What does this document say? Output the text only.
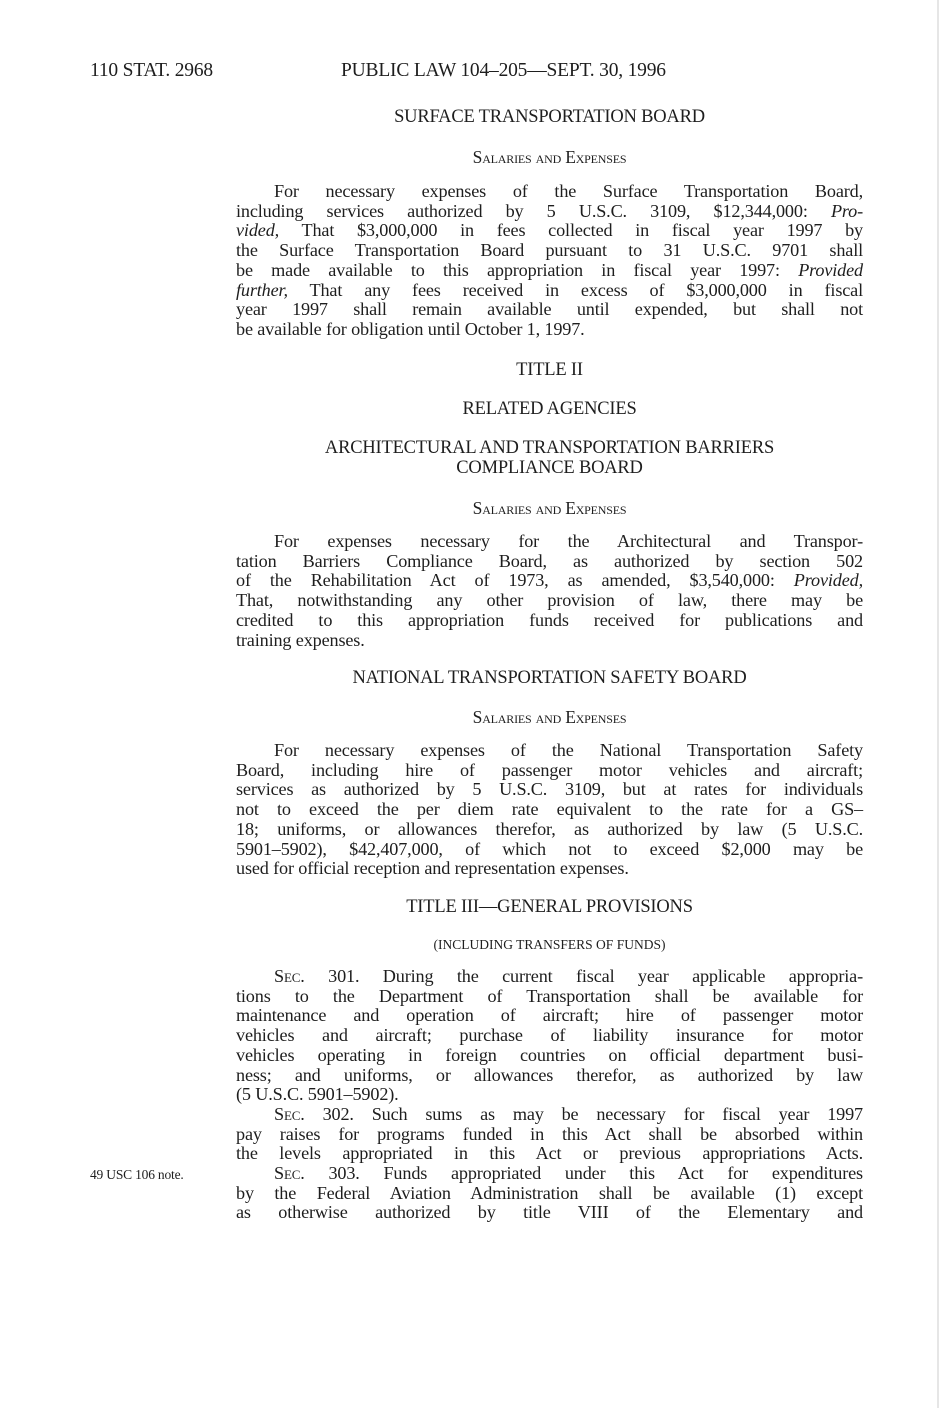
110 STAT. 2968	PUBLIC LAW 104–205—SEPT. 30, 1996
SURFACE TRANSPORTATION BOARD
Salaries and Expenses
For necessary expenses of the Surface Transportation Board,
including services authorized by 5 U.S.C. 3109, $12,344,000: Pro-
vided, That $3,000,000 in fees collected in fiscal year 1997 by
the Surface Transportation Board pursuant to 31 U.S.C. 9701 shall
be made available to this appropriation in fiscal year 1997: Provided
further, That any fees received in excess of $3,000,000 in fiscal
year 1997 shall remain available until expended, but shall not
be available for obligation until October 1, 1997.
TITLE II
RELATED AGENCIES
ARCHITECTURAL AND TRANSPORTATION BARRIERS
COMPLIANCE BOARD
Salaries and Expenses
For expenses necessary for the Architectural and Transpor-
tation Barriers Compliance Board, as authorized by section 502
of the Rehabilitation Act of 1973, as amended, $3,540,000: Provided,
That, notwithstanding any other provision of law, there may be
credited to this appropriation funds received for publications and
training expenses.
NATIONAL TRANSPORTATION SAFETY BOARD
Salaries and Expenses
For necessary expenses of the National Transportation Safety
Board, including hire of passenger motor vehicles and aircraft;
services as authorized by 5 U.S.C. 3109, but at rates for individuals
not to exceed the per diem rate equivalent to the rate for a GS–
18; uniforms, or allowances therefor, as authorized by law (5 U.S.C.
5901–5902), $42,407,000, of which not to exceed $2,000 may be
used for official reception and representation expenses.
TITLE III—GENERAL PROVISIONS
(INCLUDING TRANSFERS OF FUNDS)
Sec. 301. During the current fiscal year applicable appropria-
tions to the Department of Transportation shall be available for
maintenance and operation of aircraft; hire of passenger motor
vehicles and aircraft; purchase of liability insurance for motor
vehicles operating in foreign countries on official department busi-
ness; and uniforms, or allowances therefor, as authorized by law
(5 U.S.C. 5901–5902).
Sec. 302. Such sums as may be necessary for fiscal year 1997
pay raises for programs funded in this Act shall be absorbed within
the levels appropriated in this Act or previous appropriations Acts.
Sec. 303. Funds appropriated under this Act for expenditures
by the Federal Aviation Administration shall be available (1) except
as otherwise authorized by title VIII of the Elementary and
49 USC 106 note.
